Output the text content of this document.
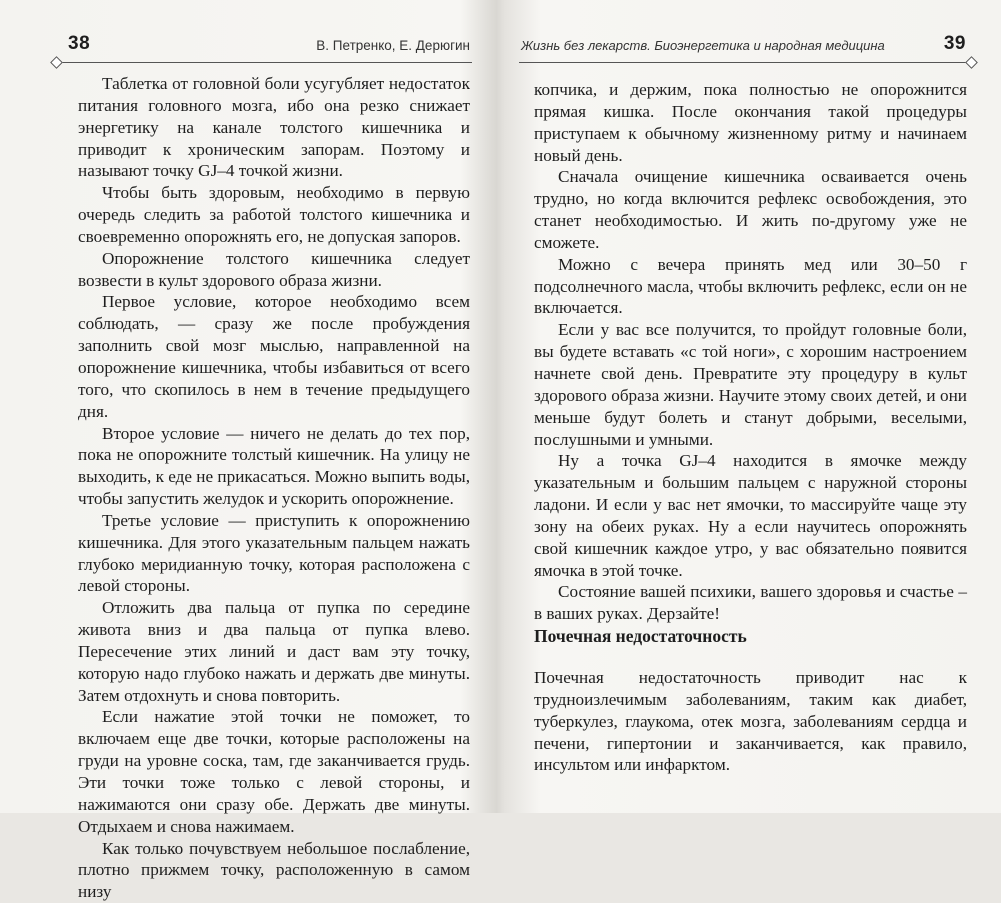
38	В. Петренко, Е. Дерюгин

Таблетка от головной боли усугубляет недостаток питания головного мозга, ибо она резко снижает энергетику на канале толстого кишечника и приводит к хроническим запорам. Поэтому и называют точку GJ–4 точкой жизни.

Чтобы быть здоровым, необходимо в первую очередь следить за работой толстого кишечника и своевременно опорожнять его, не допуская запоров.

Опорожнение толстого кишечника следует возвести в культ здорового образа жизни.

Первое условие, которое необходимо всем соблюдать, — сразу же после пробуждения заполнить свой мозг мыслью, направленной на опорожнение кишечника, чтобы избавиться от всего того, что скопилось в нем в течение предыдущего дня.

Второе условие — ничего не делать до тех пор, пока не опорожните толстый кишечник. На улицу не выходить, к еде не прикасаться. Можно выпить воды, чтобы запустить желудок и ускорить опорожнение.

Третье условие — приступить к опорожнению кишечника. Для этого указательным пальцем нажать глубоко меридианную точку, которая расположена с левой стороны.

Отложить два пальца от пупка по середине живота вниз и два пальца от пупка влево. Пересечение этих линий и даст вам эту точку, которую надо глубоко нажать и держать две минуты. Затем отдохнуть и снова повторить.

Если нажатие этой точки не поможет, то включаем еще две точки, которые расположены на груди на уровне соска, там, где заканчивается грудь. Эти точки тоже только с левой стороны, и нажимаются они сразу обе. Держать две минуты. Отдыхаем и снова нажимаем.

Как только почувствуем небольшое послабление, плотно прижмем точку, расположенную в самом низу

Жизнь без лекарств. Биоэнергетика и народная медицина	39

копчика, и держим, пока полностью не опорожнится прямая кишка. После окончания такой процедуры приступаем к обычному жизненному ритму и начинаем новый день.

Сначала очищение кишечника осваивается очень трудно, но когда включится рефлекс освобождения, это станет необходимостью. И жить по-другому уже не сможете.

Можно с вечера принять мед или 30–50 г подсолнечного масла, чтобы включить рефлекс, если он не включается.

Если у вас все получится, то пройдут головные боли, вы будете вставать «с той ноги», с хорошим настроением начнете свой день. Превратите эту процедуру в культ здорового образа жизни. Научите этому своих детей, и они меньше будут болеть и станут добрыми, веселыми, послушными и умными.

Ну а точка GJ–4 находится в ямочке между указательным и большим пальцем с наружной стороны ладони. И если у вас нет ямочки, то массируйте чаще эту зону на обеих руках. Ну а если научитесь опорожнять свой кишечник каждое утро, у вас обязательно появится ямочка в этой точке.

Состояние вашей психики, вашего здоровья и счастье – в ваших руках. Дерзайте!

Почечная недостаточность

Почечная недостаточность приводит нас к трудноизлечимым заболеваниям, таким как диабет, туберкулез, глаукома, отек мозга, заболеваниям сердца и печени, гипертонии и заканчивается, как правило, инсультом или инфарктом.
